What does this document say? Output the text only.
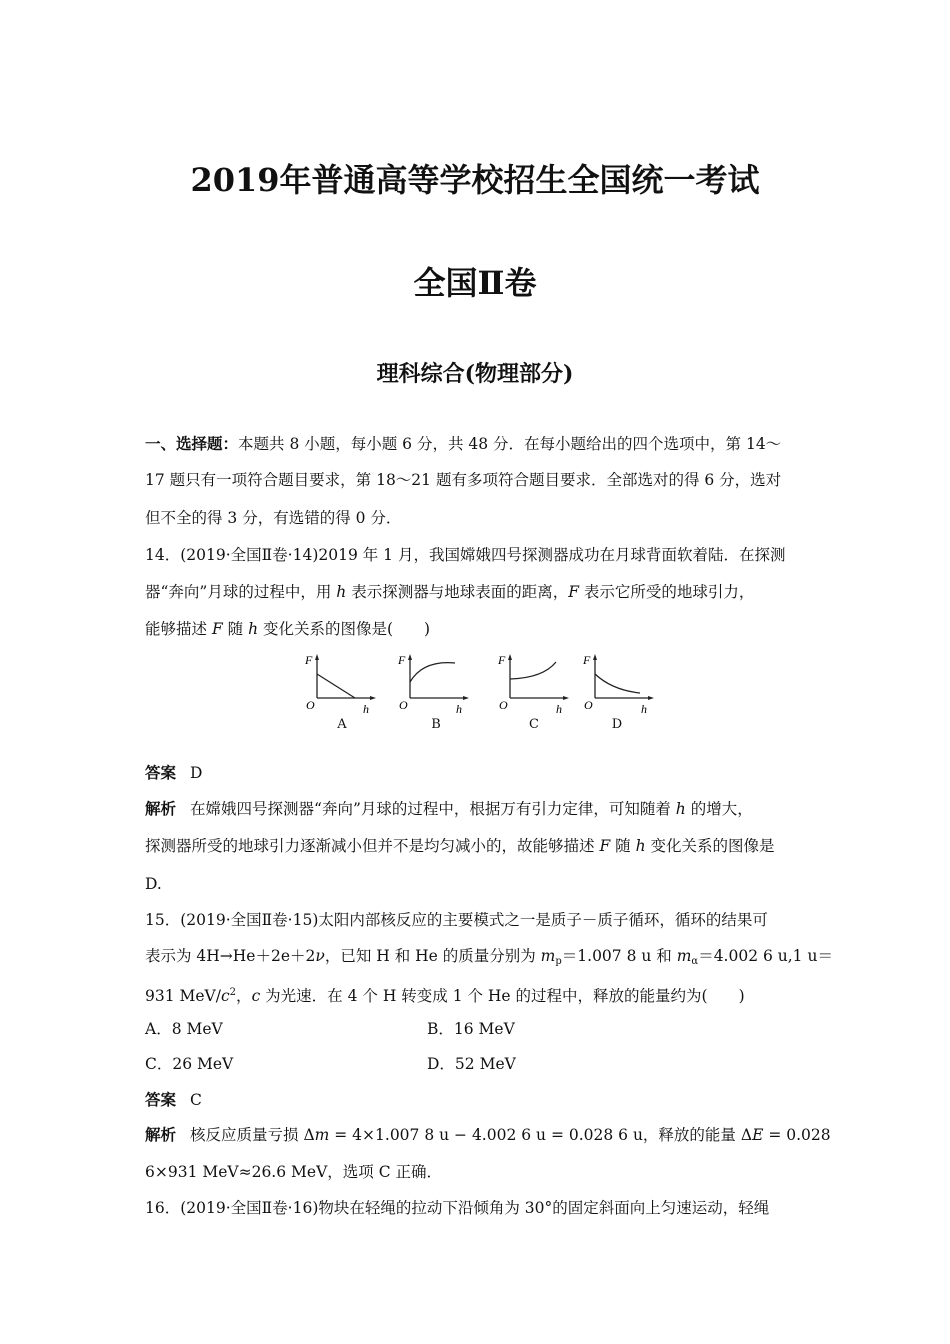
2019年普通高等学校招生全国统一考试
全国Ⅱ卷
理科综合(物理部分)
一、选择题：本题共 8 小题，每小题 6 分，共 48 分．在每小题给出的四个选项中，第 14～
17 题只有一项符合题目要求，第 18～21 题有多项符合题目要求．全部选对的得 6 分，选对
但不全的得 3 分，有选错的得 0 分．
14．(2019·全国Ⅱ卷·14)2019 年 1 月，我国嫦娥四号探测器成功在月球背面软着陆．在探测
器“奔向”月球的过程中，用 h 表示探测器与地球表面的距离，F 表示它所受的地球引力，
能够描述 F 随 h 变化关系的图像是(　　)
F
O	h
F
O	h
F
O	h
F
O	h
A	B	C	D
答案 D
解析 在嫦娥四号探测器“奔向”月球的过程中，根据万有引力定律，可知随着 h 的增大，
探测器所受的地球引力逐渐减小但并不是均匀减小的，故能够描述 F 随 h 变化关系的图像是
D.
15．(2019·全国Ⅱ卷·15)太阳内部核反应的主要模式之一是质子－质子循环，循环的结果可
表示为 4H→He＋2e＋2ν，已知 H 和 He 的质量分别为 $m_p=1.007$ 8 u 和 $m_\alpha=4.002$ 6 u,1 u＝
931 MeV/$c^2$，c 为光速．在 4 个 H 转变成 1 个 He 的过程中，释放的能量约为(　　)
A．8 MeV	B．16 MeV
C．26 MeV	D．52 MeV
答案 C
解析 核反应质量亏损 Δm = 4×1.007 8 u − 4.002 6 u = 0.028 6 u，释放的能量 ΔE = 0.028
6×931 MeV≈26.6 MeV，选项 C 正确．
16．(2019·全国Ⅱ卷·16)物块在轻绳的拉动下沿倾角为 30°的固定斜面向上匀速运动，轻绳
